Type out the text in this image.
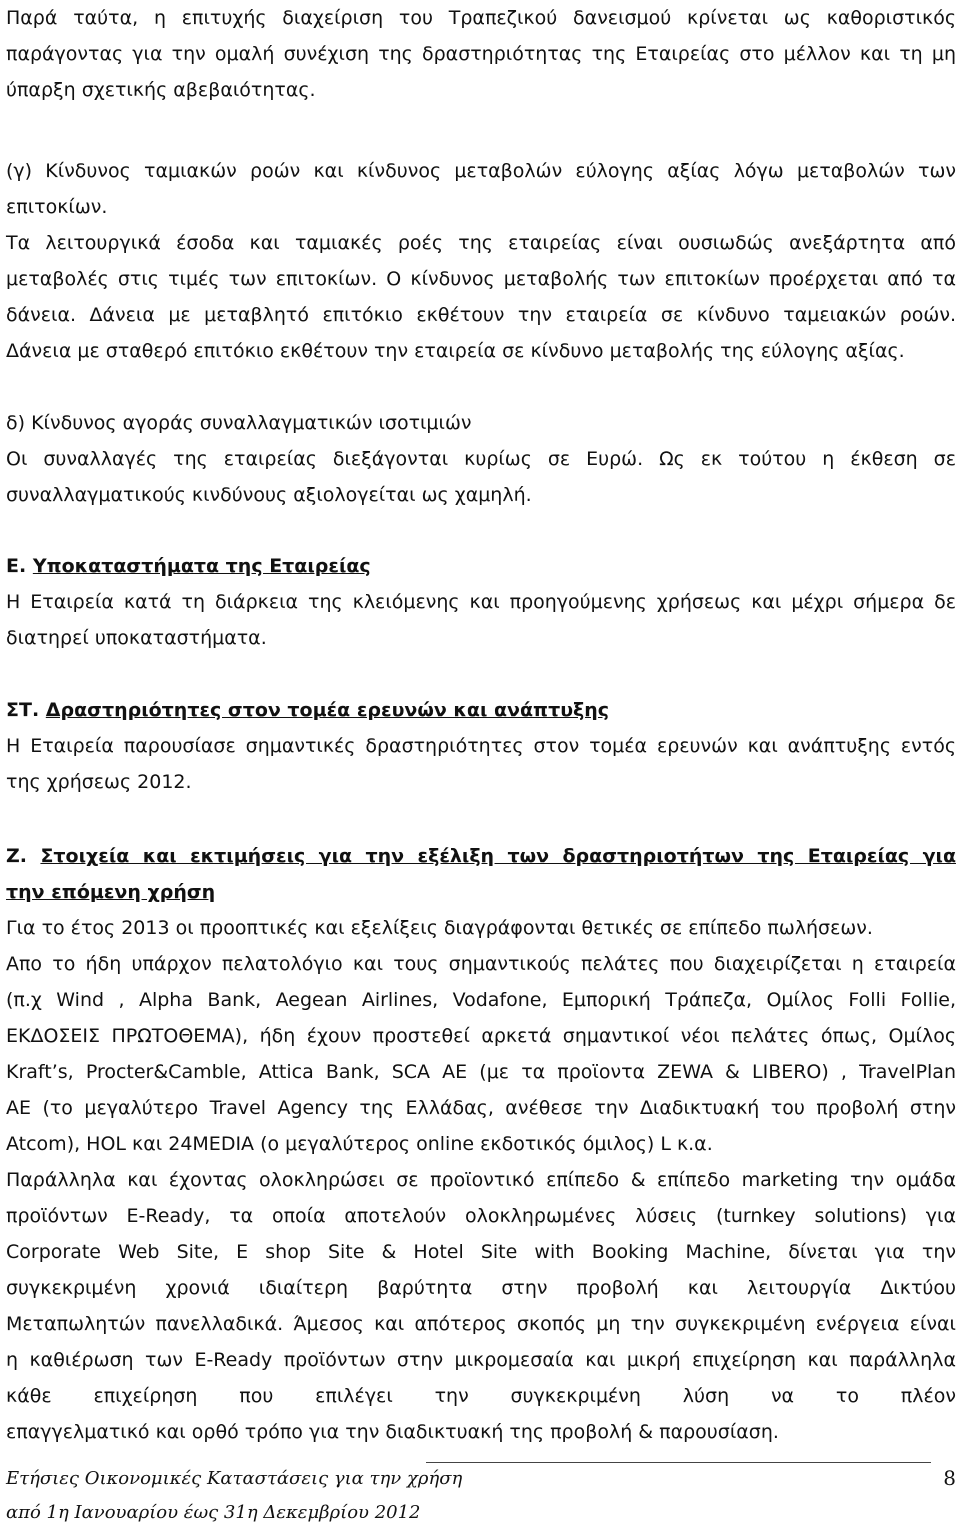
Παρά ταύτα, η επιτυχής διαχείριση του Τραπεζικού δανεισμού κρίνεται ως καθοριστικός
παράγοντας για την ομαλή συνέχιση της δραστηριότητας της Εταιρείας στο μέλλον και τη μη
ύπαρξη σχετικής αβεβαιότητας.
(γ) Κίνδυνος ταμιακών ροών και κίνδυνος μεταβολών εύλογης αξίας λόγω μεταβολών των
επιτοκίων.
Τα λειτουργικά έσοδα και ταμιακές ροές της εταιρείας είναι ουσιωδώς ανεξάρτητα από
μεταβολές στις τιμές των επιτοκίων. Ο κίνδυνος μεταβολής των επιτοκίων προέρχεται από τα
δάνεια. Δάνεια με μεταβλητό επιτόκιο εκθέτουν την εταιρεία σε κίνδυνο ταμειακών ροών.
Δάνεια με σταθερό επιτόκιο εκθέτουν την εταιρεία σε κίνδυνο μεταβολής της εύλογης αξίας.
δ) Κίνδυνος αγοράς συναλλαγματικών ισοτιμιών
Οι συναλλαγές της εταιρείας διεξάγονται κυρίως σε Ευρώ. Ως εκ τούτου η έκθεση σε
συναλλαγματικούς κινδύνους αξιολογείται ως χαμηλή.
Ε. Υποκαταστήματα της Εταιρείας
Η Εταιρεία κατά τη διάρκεια της κλειόμενης και προηγούμενης χρήσεως και μέχρι σήμερα δε
διατηρεί υποκαταστήματα.
ΣΤ. Δραστηριότητες στον τομέα ερευνών και ανάπτυξης
Η Εταιρεία παρουσίασε σημαντικές δραστηριότητες στον τομέα ερευνών και ανάπτυξης εντός
της χρήσεως 2012.
Ζ. Στοιχεία και εκτιμήσεις για την εξέλιξη των δραστηριοτήτων της Εταιρείας για
την επόμενη χρήση
Για το έτος 2013 οι προοπτικές και εξελίξεις διαγράφονται θετικές σε επίπεδο πωλήσεων.
Απο το ήδη υπάρχον πελατολόγιο και τους σημαντικούς πελάτες που διαχειρίζεται η εταιρεία
(π.χ Wind , Alpha Bank, Aegean Airlines, Vodafone, Εμπορική Τράπεζα, Ομίλος Folli Follie,
ΕΚΔΟΣΕΙΣ ΠΡΩΤΟΘΕΜΑ), ήδη έχουν προστεθεί αρκετά σημαντικοί νέοι πελάτες όπως, Ομίλος
Kraft’s, Procter&Camble, Attica Bank, SCA AE (με τα προϊοντα ZEWA & LIBERO) , TravelPlan
AE (το μεγαλύτερο Travel Agency της Ελλάδας, ανέθεσε την Διαδικτυακή του προβολή στην
Atcom), HOL και 24MEDIA (ο μεγαλύτερος online εκδοτικός όμιλος) L κ.α.
Παράλληλα και έχοντας ολοκληρώσει σε προϊοντικό επίπεδο & επίπεδο marketing την ομάδα
προϊόντων E-Ready, τα οποία αποτελούν ολοκληρωμένες λύσεις (turnkey solutions) για
Corporate Web Site, E shop Site & Hotel Site with Booking Machine, δίνεται για την
συγκεκριμένη χρονιά ιδιαίτερη βαρύτητα στην προβολή και λειτουργία Δικτύου
Μεταπωλητών πανελλαδικά. Άμεσος και απότερος σκοπός μη την συγκεκριμένη ενέργεια είναι
η καθιέρωση των E-Ready προϊόντων στην μικρομεσαία και μικρή επιχείρηση και παράλληλα
κάθε επιχείρηση που επιλέγει την συγκεκριμένη λύση να το πλέον
επαγγελματικό και ορθό τρόπο για την διαδικτυακή της προβολή & παρουσίαση.
Ετήσιες Οικονομικές Καταστάσεις για την χρήση
από 1η Ιανουαρίου έως 31η Δεκεμβρίου 2012
8
